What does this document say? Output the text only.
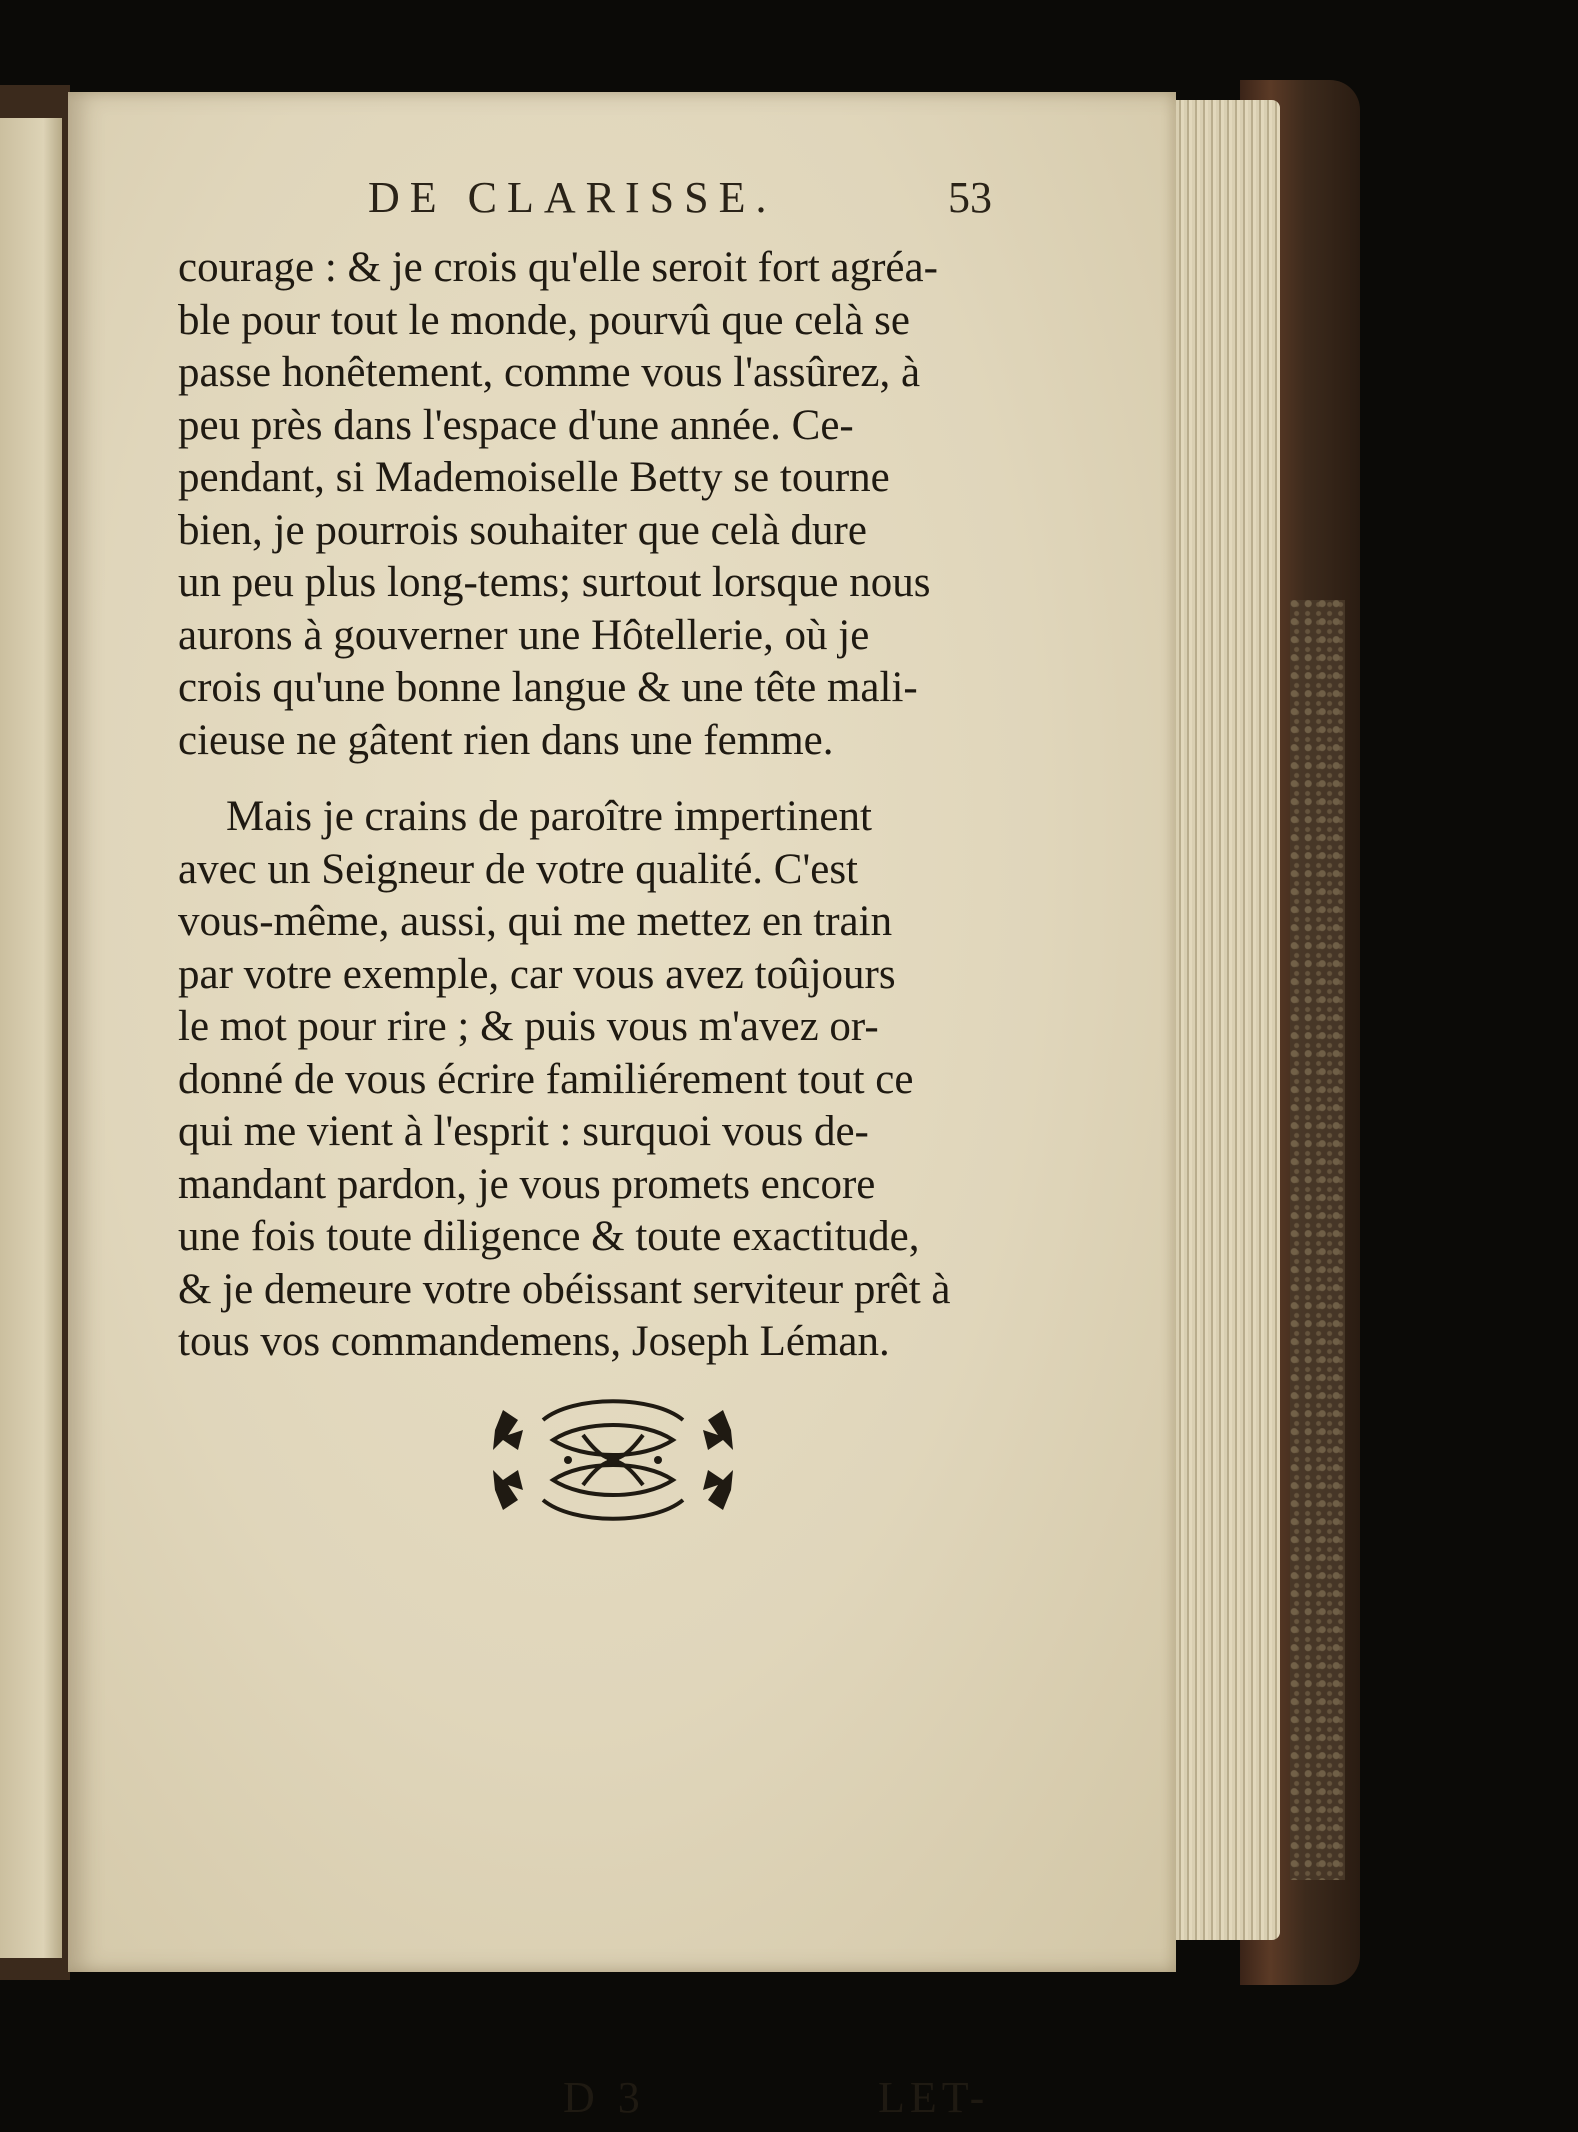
DE CLARISSE.	53
courage : & je crois qu'elle seroit fort agréa-
ble pour tout le monde, pourvû que celà se
passe honêtement, comme vous l'assûrez, à
peu près dans l'espace d'une année. Ce-
pendant, si Mademoiselle Betty se tourne
bien, je pourrois souhaiter que celà dure
un peu plus long-tems; surtout lorsque nous
aurons à gouverner une Hôtellerie, où je
crois qu'une bonne langue & une tête mali-
cieuse ne gâtent rien dans une femme.
Mais je crains de paroître impertinent
avec un Seigneur de votre qualité. C'est
vous-même, aussi, qui me mettez en train
par votre exemple, car vous avez toûjours
le mot pour rire ; & puis vous m'avez or-
donné de vous écrire familiérement tout ce
qui me vient à l'esprit : surquoi vous de-
mandant pardon, je vous promets encore
une fois toute diligence & toute exactitude,
& je demeure votre obéissant serviteur prêt à
tous vos commandemens, Joseph Léman.
D 3	LET-
